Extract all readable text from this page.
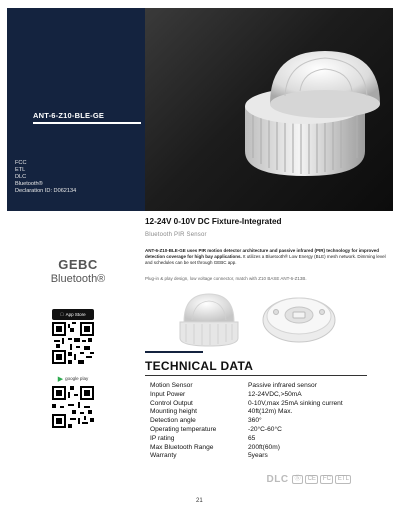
ANT-6-Z10-BLE-GE
FCC
ETL
DLC
Bluetooth®
Declaration ID: D062134
12-24V 0-10V DC Fixture-Integrated
Bluetooth PIR Sensor
ANT-6-Z10-BLE-GE uses PIR motion detector architecture and passive infrared (PIR) technology for improved detection coverage for high bay applications. It utilizes a Bluetooth® Low Energy (BLE) mesh network. Dimming level and schedules can be set through GEBC app.
Plug-in & play design, low voltage connector, match with Z10 BASE ANT-6-Z13B.
GEBC
Bluetooth®
App Store
▶ google play
TECHNICAL DATA
Motion Sensor	Passive infrared sensor
Input Power	12-24VDC,>50mA
Control Output	0-10V,max 25mA sinking current
Mounting height	40ft(12m) Max.
Detection angle	360°
Operating temperature	-20°C-60°C
IP rating	65
Max Bluetooth Range	200ft(60m)
Warranty	5years
DLC	ⓑ	CE	FC	ETL
21
